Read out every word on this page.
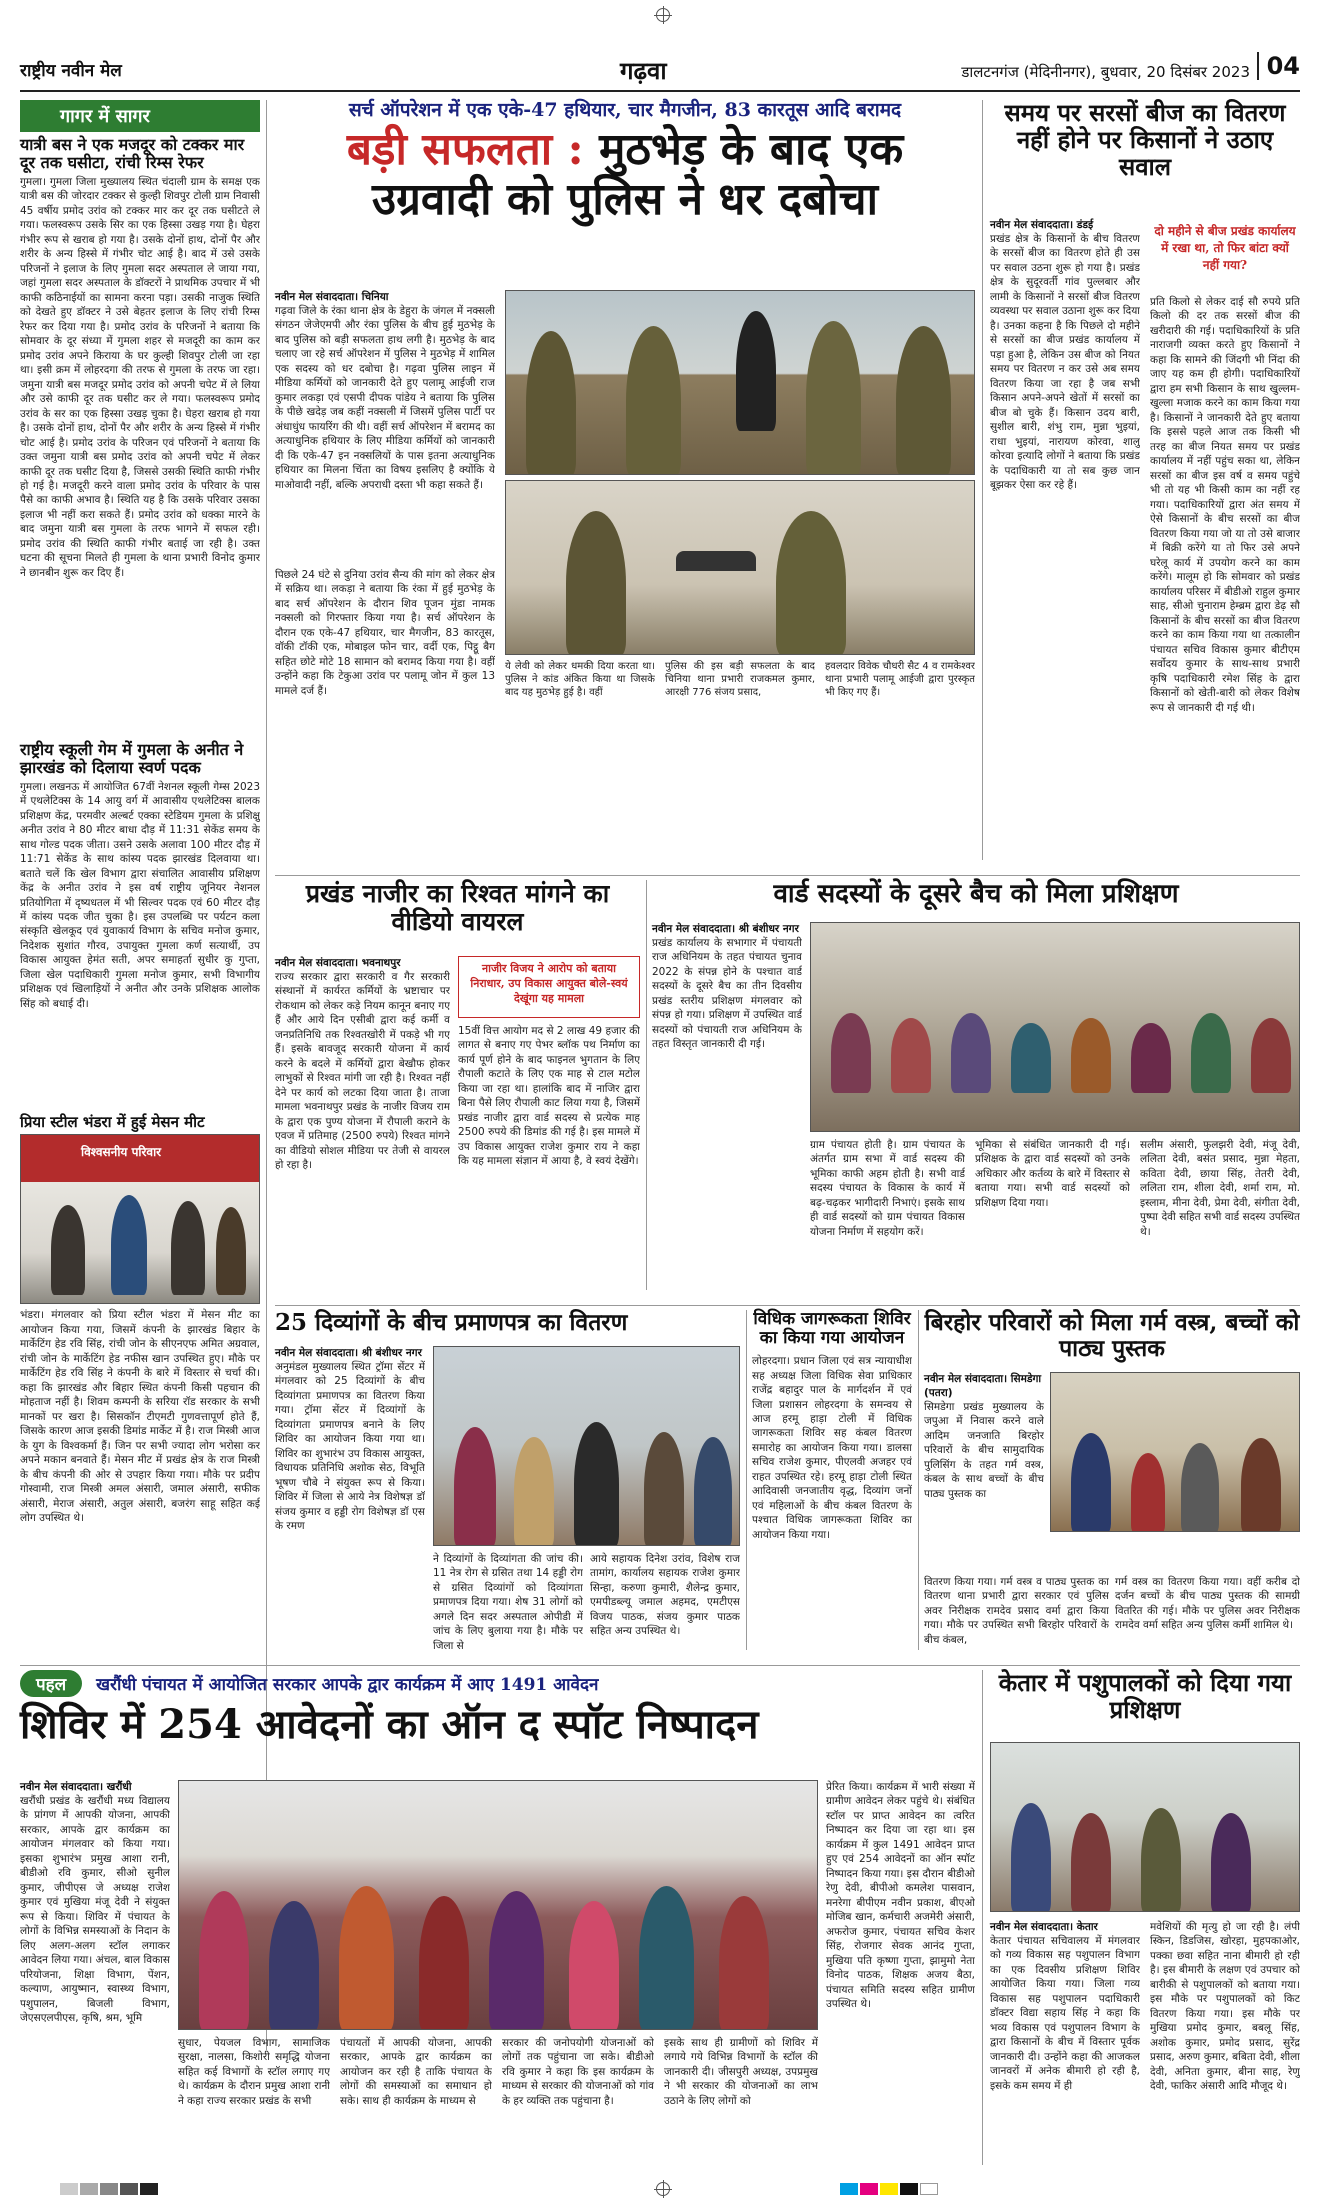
राष्ट्रीय नवीन मेल	गढ़वा	डालटनगंज (मेदिनीनगर), बुधवार, 20 दिसंबर 2023 04
गागर में सागर
यात्री बस ने एक मजदूर को टक्कर मार दूर तक घसीटा, रांची रिम्स रेफर
गुमला। गुमला जिला मुख्यालय स्थित चंदाली ग्राम के समक्ष एक यात्री बस की जोरदार टक्कर से कुल्ही शिवपुर टोली ग्राम निवासी 45 वर्षीय प्रमोद उरांव को टक्कर मार कर दूर तक घसीटते ले गया। फलस्वरूप उसके सिर का एक हिस्सा उखड़ गया है। घेहरा गंभीर रूप से खराब हो गया है। उसके दोनों हाथ, दोनों पैर और शरीर के अन्य हिस्से में गंभीर चोट आई है। बाद में उसे उसके परिजनों ने इलाज के लिए गुमला सदर अस्पताल ले जाया गया, जहां गुमला सदर अस्पताल के डॉक्टरों ने प्राथमिक उपचार में भी काफी कठिनाईयों का सामना करना पड़ा। उसकी नाजुक स्थिति को देखते हुए डॉक्टर ने उसे बेहतर इलाज के लिए रांची रिम्स रेफर कर दिया गया है। प्रमोद उरांव के परिजनों ने बताया कि सोमवार के दूर संध्या में गुमला शहर से मजदूरी का काम कर प्रमोद उरांव अपने किराया के घर कुल्ही शिवपुर टोली जा रहा था। इसी क्रम में लोहरदगा की तरफ से गुमला के तरफ जा रहा। जमुना यात्री बस मजदूर प्रमोद उरांव को अपनी चपेट में ले लिया और उसे काफी दूर तक घसीट कर ले गया। फलस्वरूप प्रमोद उरांव के सर का एक हिस्सा उखड़ चुका है। घेहरा खराब हो गया है। उसके दोनों हाथ, दोनों पैर और शरीर के अन्य हिस्से में गंभीर चोट आई है। प्रमोद उरांव के परिजन एवं परिजनों ने बताया कि उक्त जमुना यात्री बस प्रमोद उरांव को अपनी चपेट में लेकर काफी दूर तक घसीट दिया है, जिससे उसकी स्थिति काफी गंभीर हो गई है। मजदूरी करने वाला प्रमोद उरांव के परिवार के पास पैसे का काफी अभाव है। स्थिति यह है कि उसके परिवार उसका इलाज भी नहीं करा सकते हैं। प्रमोद उरांव को धक्का मारने के बाद जमुना यात्री बस गुमला के तरफ भागने में सफल रही। प्रमोद उरांव की स्थिति काफी गंभीर बताई जा रही है। उक्त घटना की सूचना मिलते ही गुमला के थाना प्रभारी विनोद कुमार ने छानबीन शुरू कर दिए हैं।
राष्ट्रीय स्कूली गेम में गुमला के अनीत ने झारखंड को दिलाया स्वर्ण पदक
गुमला। लखनऊ में आयोजित 67वीं नेशनल स्कूली गेम्स 2023 में एथलेटिक्स के 14 आयु वर्ग में आवासीय एथलेटिक्स बालक प्रशिक्षण केंद्र, परमवीर अल्बर्ट एक्का स्टेडियम गुमला के प्रशिक्षु अनीत उरांव ने 80 मीटर बाधा दौड़ में 11:31 सेकेंड समय के साथ गोल्ड पदक जीता। उसने उसके अलावा 100 मीटर दौड़ में 11:71 सेकेंड के साथ कांस्य पदक झारखंड दिलवाया था। बताते चलें कि खेल विभाग द्वारा संचालित आवासीय प्रशिक्षण केंद्र के अनीत उरांव ने इस वर्ष राष्ट्रीय जूनियर नेशनल प्रतियोगिता में दृष्यधतल में भी सिल्वर पदक एवं 60 मीटर दौड़ में कांस्य पदक जीत चुका है। इस उपलब्धि पर पर्यटन कला संस्कृति खेलकूद एवं युवाकार्य विभाग के सचिव मनोज कुमार, निदेशक सुशांत गौरव, उपायुक्त गुमला कर्ण सत्यार्थी, उप विकास आयुक्त हेमंत सती, अपर समाहर्ता सुधीर कु गुप्ता, जिला खेल पदाधिकारी गुमला मनोज कुमार, सभी विभागीय प्रशिक्षक एवं खिलाड़ियों ने अनीत और उनके प्रशिक्षक आलोक सिंह को बधाई दी।
प्रिया स्टील भंडरा में हुई मेसन मीट
विश्वसनीय परिवार
भंडरा। मंगलवार को प्रिया स्टील भंडरा में मेसन मीट का आयोजन किया गया, जिसमें कंपनी के झारखंड बिहार के मार्केटिंग हेड रवि सिंह, रांची जोन के सीएनएफ अमित अग्रवाल, रांची जोन के मार्केटिंग हेड नफीस खान उपस्थित हुए। मौके पर मार्केटिंग हेड रवि सिंह ने कंपनी के बारे में विस्तार से चर्चा की। कहा कि झारखंड और बिहार स्थित कंपनी किसी पहचान की मोहताज नहीं है। शिवम कम्पनी के सरिया रॉड सरकार के सभी मानकों पर खरा है। सिसकॉन टीएमटी गुणवत्तापूर्ण होते हैं, जिसके कारण आज इसकी डिमांड मार्केट में है। राज मिस्त्री आज के युग के विश्वकर्मा हैं। जिन पर सभी ज्यादा लोग भरोसा कर अपने मकान बनवाते हैं। मेसन मीट में प्रखंड क्षेत्र के राज मिस्त्री के बीच कंपनी की ओर से उपहार किया गया। मौके पर प्रदीप गोस्वामी, राज मिस्त्री अमल अंसारी, जमाल अंसारी, सफीक अंसारी, मेराज अंसारी, अतुल अंसारी, बजरंग साहू सहित कई लोग उपस्थित थे।
सर्च ऑपरेशन में एक एके-47 हथियार, चार मैगजीन, 83 कारतूस आदि बरामद
बड़ी सफलता : मुठभेड़ के बाद एक
उग्रवादी को पुलिस ने धर दबोचा
नवीन मेल संवाददाता। चिनिया
गढ़वा जिले के रंका थाना क्षेत्र के डेहुरा के जंगल में नक्सली संगठन जेजेएमपी और रंका पुलिस के बीच हुई मुठभेड़ के बाद पुलिस को बड़ी सफलता हाथ लगी है। मुठभेड़ के बाद चलाए जा रहे सर्च ऑपरेशन में पुलिस ने मुठभेड़ में शामिल एक सदस्य को धर दबोचा है। गढ़वा पुलिस लाइन में मीडिया कर्मियों को जानकारी देते हुए पलामू आईजी राज कुमार लकड़ा एवं एसपी दीपक पांडेय ने बताया कि पुलिस के पीछे खदेड़ जब कहीं नक्सली में जिसमें पुलिस पार्टी पर अंधाधुंध फायरिंग की थी। वहीं सर्च ऑपरेशन में बरामद का अत्याधुनिक हथियार के लिए मीडिया कर्मियों को जानकारी दी कि एके-47 इन नक्सलियों के पास इतना अत्याधुनिक हथियार का मिलना चिंता का विषय इसलिए है क्योंकि ये माओवादी नहीं, बल्कि अपराधी दस्ता भी कहा सकते हैं।
पिछले 24 घंटे से दुनिया उरांव सैन्य की मांग को लेकर क्षेत्र में सक्रिय था। लकड़ा ने बताया कि रंका में हुई मुठभेड़ के बाद सर्च ऑपरेशन के दौरान शिव पूजन मुंडा नामक नक्सली को गिरफ्तार किया गया है। सर्च ऑपरेशन के दौरान एक एके-47 हथियार, चार मैगजीन, 83 कारतूस, वॉकी टॉकी एक, मोबाइल फोन चार, वर्दी एक, पिट्ठू बैग सहित छोटे मोटे 18 सामान को बरामद किया गया है। वहीं उन्होंने कहा कि टेकुआ उरांव पर पलामू जोन में कुल 13 मामले दर्ज हैं।
ये लेवी को लेकर धमकी दिया करता था। पुलिस ने कांड अंकित किया था जिसके बाद यह मुठभेड़ हुई है। वहीं
पुलिस की इस बड़ी सफलता के बाद चिनिया थाना प्रभारी राजकमल कुमार, आरक्षी 776 संजय प्रसाद,
हवलदार विवेक चौधरी सैट 4 व रामकेश्वर थाना प्रभारी पलामू आईजी द्वारा पुरस्कृत भी किए गए हैं।
समय पर सरसों बीज का वितरण नहीं होने पर किसानों ने उठाए सवाल
नवीन मेल संवाददाता। डंडई
प्रखंड क्षेत्र के किसानों के बीच वितरण के सरसों बीज का वितरण होते ही उस पर सवाल उठना शुरू हो गया है। प्रखंड क्षेत्र के सुदूरवर्ती गांव पुल्लबार और लामी के किसानों ने सरसों बीज वितरण व्यवस्था पर सवाल उठाना शुरू कर दिया है। उनका कहना है कि पिछले दो महीने से सरसों का बीज प्रखंड कार्यालय में पड़ा हुआ है, लेकिन उस बीज को नियत समय पर वितरण न कर उसे अब समय वितरण किया जा रहा है जब सभी किसान अपने-अपने खेतों में सरसों का बीज बो चुके हैं। किसान उदय बारी, सुशील बारी, शंभु राम, मुन्ना भुइयां, राधा भुइयां, नारायण कोरवा, शालु कोरवा इत्यादि लोगों ने बताया कि प्रखंड के पदाधिकारी या तो सब कुछ जान बूझकर ऐसा कर रहे हैं।
दो महीने से बीज प्रखंड कार्यालय में रखा था, तो फिर बांटा क्यों नहीं गया?
प्रति किलो से लेकर दाई सौ रुपये प्रति किलो की दर तक सरसों बीज की खरीदारी की गई। पदाधिकारियों के प्रति नाराजगी व्यक्त करते हुए किसानों ने कहा कि सामने की जिंदगी भी निंदा की जाए यह कम ही होगी। पदाधिकारियों द्वारा हम सभी किसान के साथ खुल्लम-खुल्ला मजाक करने का काम किया गया है। किसानों ने जानकारी देते हुए बताया कि इससे पहले आज तक किसी भी तरह का बीज नियत समय पर प्रखंड कार्यालय में नहीं पहुंच सका था, लेकिन सरसों का बीज इस वर्ष व समय पहुंचे भी तो यह भी किसी काम का नहीं रह गया। पदाधिकारियों द्वारा अंत समय में ऐसे किसानों के बीच सरसों का बीज वितरण किया गया जो या तो उसे बाजार में बिक्री करेंगे या तो फिर उसे अपने घरेलू कार्य में उपयोग करने का काम करेंगे। मालूम हो कि सोमवार को प्रखंड कार्यालय परिसर में बीडीओ राहुल कुमार साह, सीओ चुनाराम हेम्ब्रम द्वारा डेढ़ सौ किसानों के बीच सरसों का बीज वितरण करने का काम किया गया था तत्कालीन पंचायत सचिव विकास कुमार बीटीएम सर्वोदय कुमार के साथ-साथ प्रभारी कृषि पदाधिकारी रमेश सिंह के द्वारा किसानों को खेती-बारी को लेकर विशेष रूप से जानकारी दी गई थी।
प्रखंड नाजीर का रिश्वत मांगने का वीडियो वायरल
नवीन मेल संवाददाता। भवनाथपुर
राज्य सरकार द्वारा सरकारी व गैर सरकारी संस्थानों में कार्यरत कर्मियों के भ्रष्टाचार पर रोकथाम को लेकर कड़े नियम कानून बनाए गए हैं और आये दिन एसीबी द्वारा कई कर्मी व जनप्रतिनिधि तक रिश्वतखोरी में पकड़े भी गए हैं। इसके बावजूद सरकारी योजना में कार्य करने के बदले में कर्मियों द्वारा बेखौफ होकर लाभुकों से रिश्वत मांगी जा रही है। रिश्वत नहीं देने पर कार्य को लटका दिया जाता है। ताजा मामला भवनाथपुर प्रखंड के नाजीर विजय राम के द्वारा एक पुण्य योजना में रौपाली कराने के एवज में प्रतिमाह (2500 रुपये) रिश्वत मांगने का वीडियो सोशल मीडिया पर तेजी से वायरल हो रहा है।
नाजीर विजय ने आरोप को बताया निराधार, उप विकास आयुक्त बोले-स्वयं देखूंगा यह मामला
15वीं वित्त आयोग मद से 2 लाख 49 हजार की लागत से बनाए गए पेभर ब्लॉक पथ निर्माण का कार्य पूर्ण होने के बाद फाइनल भुगतान के लिए रौपाली कटाते के लिए एक माह से टाल मटोल किया जा रहा था। हालांकि बाद में नाजिर द्वारा बिना पैसे लिए रौपाली काट लिया गया है, जिसमें प्रखंड नाजीर द्वारा वार्ड सदस्य से प्रत्येक माह 2500 रुपये की डिमांड की गई है। इस मामले में उप विकास आयुक्त राजेश कुमार राय ने कहा कि यह मामला संज्ञान में आया है, वे स्वयं देखेंगे।
वार्ड सदस्यों के दूसरे बैच को मिला प्रशिक्षण
नवीन मेल संवाददाता। श्री बंशीधर नगर
प्रखंड कार्यालय के सभागार में पंचायती राज अधिनियम के तहत पंचायत चुनाव 2022 के संपन्न होने के पश्चात वार्ड सदस्यों के दूसरे बैच का तीन दिवसीय प्रखंड स्तरीय प्रशिक्षण मंगलवार को संपन्न हो गया। प्रशिक्षण में उपस्थित वार्ड सदस्यों को पंचायती राज अधिनियम के तहत विस्तृत जानकारी दी गई।
ग्राम पंचायत होती है। ग्राम पंचायत के अंतर्गत ग्राम सभा में वार्ड सदस्य की भूमिका काफी अहम होती है। सभी वार्ड सदस्य पंचायत के विकास के कार्य में बढ़-चढ़कर भागीदारी निभाएं। इसके साथ ही वार्ड सदस्यों को ग्राम पंचायत विकास योजना निर्माण में सहयोग करें।
भूमिका से संबंधित जानकारी दी गई। प्रशिक्षक के द्वारा वार्ड सदस्यों को उनके अधिकार और कर्तव्य के बारे में विस्तार से बताया गया। सभी वार्ड सदस्यों को प्रशिक्षण दिया गया।
सलीम अंसारी, फुलझरी देवी, मंजू देवी, ललिता देवी, बसंत प्रसाद, मुन्ना मेहता, कविता देवी, छाया सिंह, तेतरी देवी, ललिता राम, शीला देवी, शर्मा राम, मो. इस्लाम, मीना देवी, प्रेमा देवी, संगीता देवी, पुष्पा देवी सहित सभी वार्ड सदस्य उपस्थित थे।
25 दिव्यांगों के बीच प्रमाणपत्र का वितरण
नवीन मेल संवाददाता। श्री बंशीधर नगर
अनुमंडल मुख्यालय स्थित ट्रॉमा सेंटर में मंगलवार को 25 दिव्यांगों के बीच दिव्यांगता प्रमाणपत्र का वितरण किया गया। ट्रॉमा सेंटर में दिव्यांगों के दिव्यांगता प्रमाणपत्र बनाने के लिए शिविर का आयोजन किया गया था। शिविर का शुभारंभ उप विकास आयुक्त, विधायक प्रतिनिधि अशोक सेठ, विभूति भूषण चौबे ने संयुक्त रूप से किया। शिविर में जिला से आये नेत्र विशेषज्ञ डॉ संजय कुमार व हड्डी रोग विशेषज्ञ डॉ एस के रमण
ने दिव्यांगों के दिव्यांगता की जांच की। 11 नेत्र रोग से ग्रसित तथा 14 हड्डी रोग से ग्रसित दिव्यांगों को दिव्यांगता प्रमाणपत्र दिया गया। शेष 31 लोगों को अगले दिन सदर अस्पताल ओपीडी में जांच के लिए बुलाया गया है। मौके पर जिला से
आये सहायक दिनेश उरांव, विशेष राज तामांग, कार्यालय सहायक राजेश कुमार सिन्हा, करुणा कुमारी, शैलेन्द्र कुमार, एमपीडब्ल्यू जमाल अहमद, एमटीएस विजय पाठक, संजय कुमार पाठक सहित अन्य उपस्थित थे।
विधिक जागरूकता शिविर का किया गया आयोजन
लोहरदगा। प्रधान जिला एवं सत्र न्यायाधीश सह अध्यक्ष जिला विधिक सेवा प्राधिकार राजेंद्र बहादुर पाल के मार्गदर्शन में एवं जिला प्रशासन लोहरदगा के समन्वय से आज हरमू हाड़ा टोली में विधिक जागरूकता शिविर सह कंबल वितरण समारोह का आयोजन किया गया। डालसा सचिव राजेश कुमार, पीएलवी अजहर एवं राहत उपस्थित रहे। हरमू हाड़ा टोली स्थित आदिवासी जनजातीय वृद्ध, दिव्यांग जनों एवं महिलाओं के बीच कंबल वितरण के पश्चात विधिक जागरूकता शिविर का आयोजन किया गया।
बिरहोर परिवारों को मिला गर्म वस्त्र, बच्चों को पाठ्य पुस्तक
नवीन मेल संवाददाता। सिमडेगा (पतरा)
सिमडेगा प्रखंड मुख्यालय के जपुआ में निवास करने वाले आदिम जनजाति बिरहोर परिवारों के बीच सामुदायिक पुलिसिंग के तहत गर्म वस्त्र, कंबल के साथ बच्चों के बीच पाठ्य पुस्तक का
वितरण किया गया। गर्म वस्त्र व पाठ्य पुस्तक का वितरण थाना प्रभारी द्वारा सरकार एवं पुलिस अवर निरीक्षक रामदेव प्रसाद वर्मा द्वारा किया गया। मौके पर उपस्थित सभी बिरहोर परिवारों के बीच कंबल,
गर्म वस्त्र का वितरण किया गया। वहीं करीब दो दर्जन बच्चों के बीच पाठ्य पुस्तक की सामग्री वितरित की गई। मौके पर पुलिस अवर निरीक्षक रामदेव वर्मा सहित अन्य पुलिस कर्मी शामिल थे।
पहल खरौंधी पंचायत में आयोजित सरकार आपके द्वार कार्यक्रम में आए 1491 आवेदन
शिविर में 254 आवेदनों का ऑन द स्पॉट निष्पादन
नवीन मेल संवाददाता। खरौंधी
खरौंधी प्रखंड के खरौंधी मध्य विद्यालय के प्रांगण में आपकी योजना, आपकी सरकार, आपके द्वार कार्यक्रम का आयोजन मंगलवार को किया गया। इसका शुभारंभ प्रमुख आशा रानी, बीडीओ रवि कुमार, सीओ सुनील कुमार, जीपीएस जे अध्यक्ष राजेश कुमार एवं मुखिया मंजू देवी ने संयुक्त रूप से किया। शिविर में पंचायत के लोगों के विभिन्न समस्याओं के निदान के लिए अलग-अलग स्टॉल लगाकर आवेदन लिया गया। अंचल, बाल विकास परियोजना, शिक्षा विभाग, पेंशन, कल्याण, आयुष्मान, स्वास्थ्य विभाग, पशुपालन, बिजली विभाग, जेएसएलपीएस, कृषि, श्रम, भूमि
सुधार, पेयजल विभाग, सामाजिक सुरक्षा, नालसा, किशोरी समृद्धि योजना सहित कई विभागों के स्टॉल लगाए गए थे। कार्यक्रम के दौरान प्रमुख आशा रानी ने कहा राज्य सरकार प्रखंड के सभी
पंचायतों में आपकी योजना, आपकी सरकार, आपके द्वार कार्यक्रम का आयोजन कर रही है ताकि पंचायत के लोगों की समस्याओं का समाधान हो सके। साथ ही कार्यक्रम के माध्यम से
सरकार की जनोपयोगी योजनाओं को लोगों तक पहुंचाना जा सके। बीडीओ रवि कुमार ने कहा कि इस कार्यक्रम के माध्यम से सरकार की योजनाओं को गांव के हर व्यक्ति तक पहुंचाना है।
इसके साथ ही ग्रामीणों को शिविर में लगाये गये विभिन्न विभागों के स्टॉल की जानकारी दी। जीसपुरी अध्यक्ष, उपप्रमुख ने भी सरकार की योजनाओं का लाभ उठाने के लिए लोगों को
प्रेरित किया। कार्यक्रम में भारी संख्या में ग्रामीण आवेदन लेकर पहुंचे थे। संबंधित स्टॉल पर प्राप्त आवेदन का त्वरित निष्पादन कर दिया जा रहा था। इस कार्यक्रम में कुल 1491 आवेदन प्राप्त हुए एवं 254 आवेदनों का ऑन स्पॉट निष्पादन किया गया। इस दौरान बीडीओ रेणु देवी, बीपीओ कमलेश पासवान, मनरेगा बीपीएम नवीन प्रकाश, बीएओ मोजिब खान, कर्मचारी अजमेरी अंसारी, अफरोज कुमार, पंचायत सचिव केशर सिंह, रोजगार सेवक आनंद गुप्ता, मुखिया पति कृष्णा गुप्ता, झामुमो नेता विनोद पाठक, शिक्षक अजय बैठा, पंचायत समिति सदस्य सहित ग्रामीण उपस्थित थे।
केतार में पशुपालकों को दिया गया प्रशिक्षण
नवीन मेल संवाददाता। केतार
केतार पंचायत सचिवालय में मंगलवार को गव्य विकास सह पशुपालन विभाग का एक दिवसीय प्रशिक्षण शिविर आयोजित किया गया। जिला गव्य विकास सह पशुपालन पदाधिकारी डॉक्टर विद्या सहाय सिंह ने कहा कि भव्य विकास एवं पशुपालन विभाग के द्वारा किसानों के बीच में विस्तार पूर्वक जानकारी दी। उन्होंने कहा की आजकल जानवरों में अनेक बीमारी हो रही है, इसके कम समय में ही
मवेशियों की मृत्यु हो जा रही है। लंपी स्किन, डिडजिस, खोरहा, मुहपकाओर, पक्का छवा सहित नाना बीमारी हो रही है। इस बीमारी के लक्षण एवं उपचार को बारीकी से पशुपालकों को बताया गया। इस मौके पर पशुपालकों को किट वितरण किया गया। इस मौके पर मुखिया प्रमोद कुमार, बबलू सिंह, अशोक कुमार, प्रमोद प्रसाद, सुरेंद्र प्रसाद, अरुण कुमार, बबिता देवी, शीला देवी, अनिता कुमार, बीना साह, रेणु देवी, फाकिर अंसारी आदि मौजूद थे।
